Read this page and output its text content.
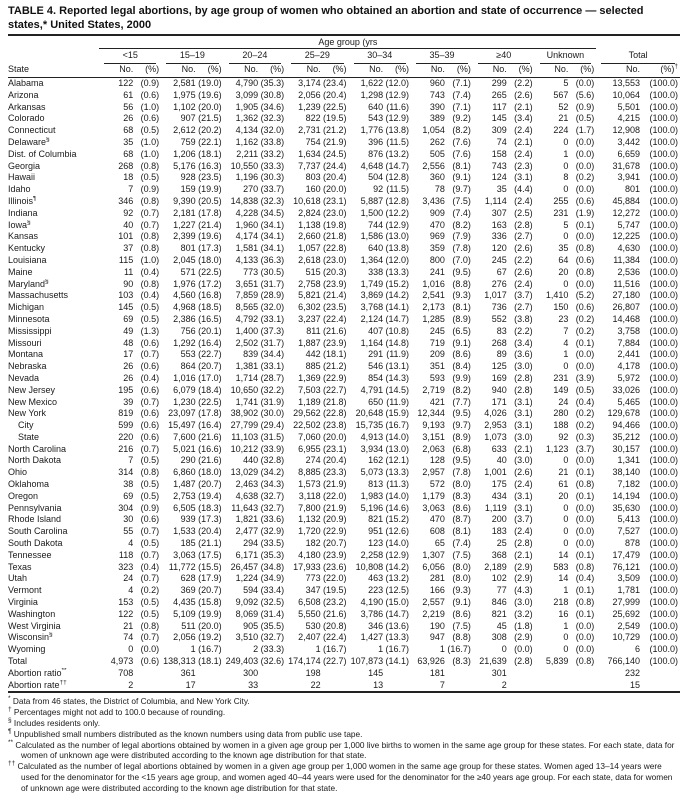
TABLE 4. Reported legal abortions, by age group of women who obtained an abortion and state of occurrence — selected states,* United States, 2000
	Age group (yrs																	

	<15		15–19		20–24		25–29		30–34		35–39		≥40		Unknown		Total	

State	No.	(%)	No.	(%)	No.	(%)	No.	(%)	No.	(%)	No.	(%)	No.	(%)	No.	(%)	No.	(%)†
Alabama	122	(0.9)	2,581	(19.0)	4,790	(35.3)	3,174	(23.4)	1,622	(12.0)	960	(7.1)	299	(2.2)	5	(0.0)	13,553	(100.0)
Arizona	61	(0.6)	1,975	(19.6)	3,099	(30.8)	2,056	(20.4)	1,298	(12.9)	743	(7.4)	265	(2.6)	567	(5.6)	10,064	(100.0)
Arkansas	56	(1.0)	1,102	(20.0)	1,905	(34.6)	1,239	(22.5)	640	(11.6)	390	(7.1)	117	(2.1)	52	(0.9)	5,501	(100.0)
Colorado	26	(0.6)	907	(21.5)	1,362	(32.3)	822	(19.5)	543	(12.9)	389	(9.2)	145	(3.4)	21	(0.5)	4,215	(100.0)
Connecticut	68	(0.5)	2,612	(20.2)	4,134	(32.0)	2,731	(21.2)	1,776	(13.8)	1,054	(8.2)	309	(2.4)	224	(1.7)	12,908	(100.0)
Delaware§	35	(1.0)	759	(22.1)	1,162	(33.8)	754	(21.9)	396	(11.5)	262	(7.6)	74	(2.1)	0	(0.0)	3,442	(100.0)
Dist. of Columbia	68	(1.0)	1,206	(18.1)	2,211	(33.2)	1,634	(24.5)	876	(13.2)	505	(7.6)	158	(2.4)	1	(0.0)	6,659	(100.0)
Georgia	268	(0.8)	5,176	(16.3)	10,550	(33.3)	7,737	(24.4)	4,648	(14.7)	2,556	(8.1)	743	(2.3)	0	(0.0)	31,678	(100.0)
Hawaii	18	(0.5)	928	(23.5)	1,196	(30.3)	803	(20.4)	504	(12.8)	360	(9.1)	124	(3.1)	8	(0.2)	3,941	(100.0)
Idaho	7	(0.9)	159	(19.9)	270	(33.7)	160	(20.0)	92	(11.5)	78	(9.7)	35	(4.4)	0	(0.0)	801	(100.0)
Illinois¶	346	(0.8)	9,390	(20.5)	14,838	(32.3)	10,618	(23.1)	5,887	(12.8)	3,436	(7.5)	1,114	(2.4)	255	(0.6)	45,884	(100.0)
Indiana	92	(0.7)	2,181	(17.8)	4,228	(34.5)	2,824	(23.0)	1,500	(12.2)	909	(7.4)	307	(2.5)	231	(1.9)	12,272	(100.0)
Iowa§	40	(0.7)	1,227	(21.4)	1,960	(34.1)	1,138	(19.8)	744	(12.9)	470	(8.2)	163	(2.8)	5	(0.1)	5,747	(100.0)
Kansas	101	(0.8)	2,399	(19.6)	4,174	(34.1)	2,660	(21.8)	1,586	(13.0)	969	(7.9)	336	(2.7)	0	(0.0)	12,225	(100.0)
Kentucky	37	(0.8)	801	(17.3)	1,581	(34.1)	1,057	(22.8)	640	(13.8)	359	(7.8)	120	(2.6)	35	(0.8)	4,630	(100.0)
Louisiana	115	(1.0)	2,045	(18.0)	4,133	(36.3)	2,618	(23.0)	1,364	(12.0)	800	(7.0)	245	(2.2)	64	(0.6)	11,384	(100.0)
Maine	11	(0.4)	571	(22.5)	773	(30.5)	515	(20.3)	338	(13.3)	241	(9.5)	67	(2.6)	20	(0.8)	2,536	(100.0)
Maryland§	90	(0.8)	1,976	(17.2)	3,651	(31.7)	2,758	(23.9)	1,749	(15.2)	1,016	(8.8)	276	(2.4)	0	(0.0)	11,516	(100.0)
Massachusetts	103	(0.4)	4,560	(16.8)	7,859	(28.9)	5,821	(21.4)	3,869	(14.2)	2,541	(9.3)	1,017	(3.7)	1,410	(5.2)	27,180	(100.0)
Michigan	145	(0.5)	4,968	(18.5)	8,565	(32.0)	6,302	(23.5)	3,768	(14.1)	2,173	(8.1)	736	(2.7)	150	(0.6)	26,807	(100.0)
Minnesota	69	(0.5)	2,386	(16.5)	4,792	(33.1)	3,237	(22.4)	2,124	(14.7)	1,285	(8.9)	552	(3.8)	23	(0.2)	14,468	(100.0)
Mississippi	49	(1.3)	756	(20.1)	1,400	(37.3)	811	(21.6)	407	(10.8)	245	(6.5)	83	(2.2)	7	(0.2)	3,758	(100.0)
Missouri	48	(0.6)	1,292	(16.4)	2,502	(31.7)	1,887	(23.9)	1,164	(14.8)	719	(9.1)	268	(3.4)	4	(0.1)	7,884	(100.0)
Montana	17	(0.7)	553	(22.7)	839	(34.4)	442	(18.1)	291	(11.9)	209	(8.6)	89	(3.6)	1	(0.0)	2,441	(100.0)
Nebraska	26	(0.6)	864	(20.7)	1,381	(33.1)	885	(21.2)	546	(13.1)	351	(8.4)	125	(3.0)	0	(0.0)	4,178	(100.0)
Nevada	26	(0.4)	1,016	(17.0)	1,714	(28.7)	1,369	(22.9)	854	(14.3)	593	(9.9)	169	(2.8)	231	(3.9)	5,972	(100.0)
New Jersey	195	(0.6)	6,079	(18.4)	10,650	(32.2)	7,503	(22.7)	4,791	(14.5)	2,719	(8.2)	940	(2.8)	149	(0.5)	33,026	(100.0)
New Mexico	39	(0.7)	1,230	(22.5)	1,741	(31.9)	1,189	(21.8)	650	(11.9)	421	(7.7)	171	(3.1)	24	(0.4)	5,465	(100.0)
New York	819	(0.6)	23,097	(17.8)	38,902	(30.0)	29,562	(22.8)	20,648	(15.9)	12,344	(9.5)	4,026	(3.1)	280	(0.2)	129,678	(100.0)
City	599	(0.6)	15,497	(16.4)	27,799	(29.4)	22,502	(23.8)	15,735	(16.7)	9,193	(9.7)	2,953	(3.1)	188	(0.2)	94,466	(100.0)
State	220	(0.6)	7,600	(21.6)	11,103	(31.5)	7,060	(20.0)	4,913	(14.0)	3,151	(8.9)	1,073	(3.0)	92	(0.3)	35,212	(100.0)
North Carolina	216	(0.7)	5,021	(16.6)	10,212	(33.9)	6,955	(23.1)	3,934	(13.0)	2,063	(6.8)	633	(2.1)	1,123	(3.7)	30,157	(100.0)
North Dakota	7	(0.5)	290	(21.6)	440	(32.8)	274	(20.4)	162	(12.1)	128	(9.5)	40	(3.0)	0	(0.0)	1,341	(100.0)
Ohio	314	(0.8)	6,860	(18.0)	13,029	(34.2)	8,885	(23.3)	5,073	(13.3)	2,957	(7.8)	1,001	(2.6)	21	(0.1)	38,140	(100.0)
Oklahoma	38	(0.5)	1,487	(20.7)	2,463	(34.3)	1,573	(21.9)	813	(11.3)	572	(8.0)	175	(2.4)	61	(0.8)	7,182	(100.0)
Oregon	69	(0.5)	2,753	(19.4)	4,638	(32.7)	3,118	(22.0)	1,983	(14.0)	1,179	(8.3)	434	(3.1)	20	(0.1)	14,194	(100.0)
Pennsylvania	304	(0.9)	6,505	(18.3)	11,643	(32.7)	7,800	(21.9)	5,196	(14.6)	3,063	(8.6)	1,119	(3.1)	0	(0.0)	35,630	(100.0)
Rhode Island	30	(0.6)	939	(17.3)	1,821	(33.6)	1,132	(20.9)	821	(15.2)	470	(8.7)	200	(3.7)	0	(0.0)	5,413	(100.0)
South Carolina	55	(0.7)	1,533	(20.4)	2,477	(32.9)	1,720	(22.9)	951	(12.6)	608	(8.1)	183	(2.4)	0	(0.0)	7,527	(100.0)
South Dakota	4	(0.5)	185	(21.1)	294	(33.5)	182	(20.7)	123	(14.0)	65	(7.4)	25	(2.8)	0	(0.0)	878	(100.0)
Tennessee	118	(0.7)	3,063	(17.5)	6,171	(35.3)	4,180	(23.9)	2,258	(12.9)	1,307	(7.5)	368	(2.1)	14	(0.1)	17,479	(100.0)
Texas	323	(0.4)	11,772	(15.5)	26,457	(34.8)	17,933	(23.6)	10,808	(14.2)	6,056	(8.0)	2,189	(2.9)	583	(0.8)	76,121	(100.0)
Utah	24	(0.7)	628	(17.9)	1,224	(34.9)	773	(22.0)	463	(13.2)	281	(8.0)	102	(2.9)	14	(0.4)	3,509	(100.0)
Vermont	4	(0.2)	369	(20.7)	594	(33.4)	347	(19.5)	223	(12.5)	166	(9.3)	77	(4.3)	1	(0.1)	1,781	(100.0)
Virginia	153	(0.5)	4,435	(15.8)	9,092	(32.5)	6,508	(23.2)	4,190	(15.0)	2,557	(9.1)	846	(3.0)	218	(0.8)	27,999	(100.0)
Washington	122	(0.5)	5,109	(19.9)	8,069	(31.4)	5,550	(21.6)	3,786	(14.7)	2,219	(8.6)	821	(3.2)	16	(0.1)	25,692	(100.0)
West Virginia	21	(0.8)	511	(20.0)	905	(35.5)	530	(20.8)	346	(13.6)	190	(7.5)	45	(1.8)	1	(0.0)	2,549	(100.0)
Wisconsin§	74	(0.7)	2,056	(19.2)	3,510	(32.7)	2,407	(22.4)	1,427	(13.3)	947	(8.8)	308	(2.9)	0	(0.0)	10,729	(100.0)
Wyoming	0	(0.0)	1	(16.7)	2	(33.3)	1	(16.7)	1	(16.7)	1	(16.7)	0	(0.0)	0	(0.0)	6	(100.0)
Total	4,973	(0.6)	138,313	(18.1)	249,403	(32.6)	174,174	(22.7)	107,873	(14.1)	63,926	(8.3)	21,639	(2.8)	5,839	(0.8)	766,140	(100.0)
Abortion ratio**	708		361		300		198		145		181		301				232	
Abortion rate††	2		17		33		22		13		7		2				15	
* Data from 46 states, the District of Columbia, and New York City.
† Percentages might not add to 100.0 because of rounding.
§ Includes residents only.
¶ Unpublished small numbers distributed as the known numbers using data from public use tape.
** Calculated as the number of legal abortions obtained by women in a given age group per 1,000 live births to women in the same age group for these states. For each state, data for women of unknown age were distributed according to the known age distribution for that state.
†† Calculated as the number of legal abortions obtained by women in a given age group per 1,000 women in the same age group for these states. Women aged 13–14 years were used for the denominator for the <15 years age group, and women aged 40–44 years were used for the denominator for the ≥40 years age group. For each state, data for women of unknown age were distributed according to the known age distribution for that state.
